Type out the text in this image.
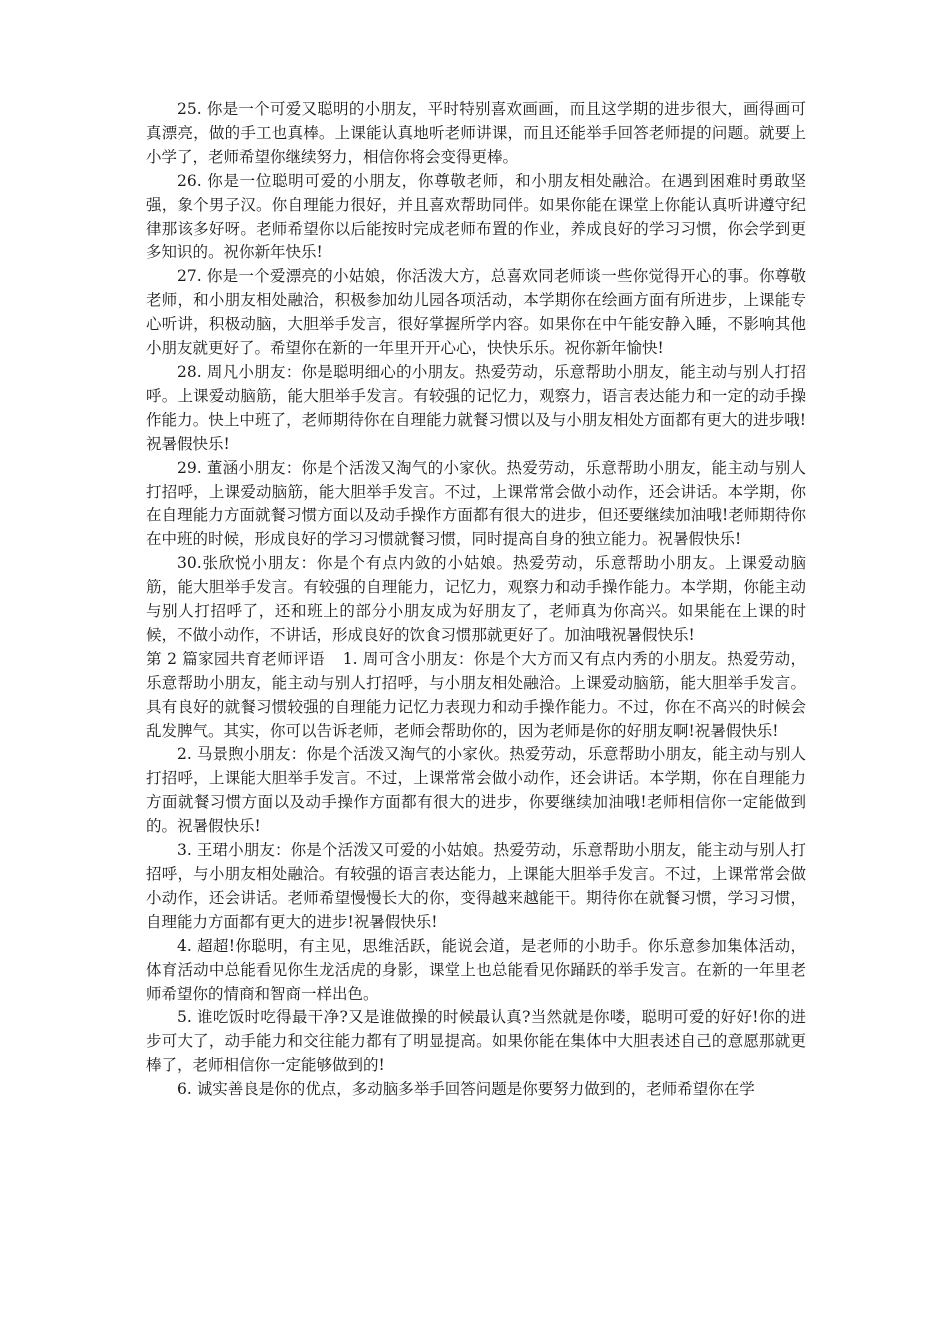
25. 你是一个可爱又聪明的小朋友，平时特别喜欢画画，而且这学期的进步很大，画得画可真漂亮，做的手工也真棒。上课能认真地听老师讲课，而且还能举手回答老师提的问题。就要上小学了，老师希望你继续努力，相信你将会变得更棒。

26. 你是一位聪明可爱的小朋友，你尊敬老师，和小朋友相处融洽。在遇到困难时勇敢坚强，象个男子汉。你自理能力很好，并且喜欢帮助同伴。如果你能在课堂上你能认真听讲遵守纪律那该多好呀。老师希望你以后能按时完成老师布置的作业，养成良好的学习习惯，你会学到更多知识的。祝你新年快乐!

27. 你是一个爱漂亮的小姑娘，你活泼大方，总喜欢同老师谈一些你觉得开心的事。你尊敬老师，和小朋友相处融洽，积极参加幼儿园各项活动，本学期你在绘画方面有所进步，上课能专心听讲，积极动脑，大胆举手发言，很好掌握所学内容。如果你在中午能安静入睡，不影响其他小朋友就更好了。希望你在新的一年里开开心心，快快乐乐。祝你新年愉快!

28. 周凡小朋友：你是聪明细心的小朋友。热爱劳动，乐意帮助小朋友，能主动与别人打招呼。上课爱动脑筋，能大胆举手发言。有较强的记忆力，观察力，语言表达能力和一定的动手操作能力。快上中班了，老师期待你在自理能力就餐习惯以及与小朋友相处方面都有更大的进步哦!祝暑假快乐!

29. 董涵小朋友：你是个活泼又淘气的小家伙。热爱劳动，乐意帮助小朋友，能主动与别人打招呼，上课爱动脑筋，能大胆举手发言。不过，上课常常会做小动作，还会讲话。本学期，你在自理能力方面就餐习惯方面以及动手操作方面都有很大的进步，但还要继续加油哦!老师期待你在中班的时候，形成良好的学习习惯就餐习惯，同时提高自身的独立能力。祝暑假快乐!

30.张欣悦小朋友：你是个有点内敛的小姑娘。热爱劳动，乐意帮助小朋友。上课爱动脑筋，能大胆举手发言。有较强的自理能力，记忆力，观察力和动手操作能力。本学期，你能主动与别人打招呼了，还和班上的部分小朋友成为好朋友了，老师真为你高兴。如果能在上课的时候，不做小动作，不讲话，形成良好的饮食习惯那就更好了。加油哦祝暑假快乐!

第 2 篇家园共育老师评语 1. 周可含小朋友：你是个大方而又有点内秀的小朋友。热爱劳动，乐意帮助小朋友，能主动与别人打招呼，与小朋友相处融洽。上课爱动脑筋，能大胆举手发言。具有良好的就餐习惯较强的自理能力记忆力表现力和动手操作能力。不过，你在不高兴的时候会乱发脾气。其实，你可以告诉老师，老师会帮助你的，因为老师是你的好朋友啊!祝暑假快乐!

2. 马景煦小朋友：你是个活泼又淘气的小家伙。热爱劳动，乐意帮助小朋友，能主动与别人打招呼，上课能大胆举手发言。不过，上课常常会做小动作，还会讲话。本学期，你在自理能力方面就餐习惯方面以及动手操作方面都有很大的进步，你要继续加油哦!老师相信你一定能做到的。祝暑假快乐!

3. 王珺小朋友：你是个活泼又可爱的小姑娘。热爱劳动，乐意帮助小朋友，能主动与别人打招呼，与小朋友相处融洽。有较强的语言表达能力，上课能大胆举手发言。不过，上课常常会做小动作，还会讲话。老师希望慢慢长大的你，变得越来越能干。期待你在就餐习惯，学习习惯，自理能力方面都有更大的进步!祝暑假快乐!

4. 超超!你聪明，有主见，思维活跃，能说会道，是老师的小助手。你乐意参加集体活动，体育活动中总能看见你生龙活虎的身影，课堂上也总能看见你踊跃的举手发言。在新的一年里老师希望你的情商和智商一样出色。

5. 谁吃饭时吃得最干净?又是谁做操的时候最认真?当然就是你喽，聪明可爱的好好!你的进步可大了，动手能力和交往能力都有了明显提高。如果你能在集体中大胆表述自己的意愿那就更棒了，老师相信你一定能够做到的!

6. 诚实善良是你的优点，多动脑多举手回答问题是你要努力做到的，老师希望你在学
